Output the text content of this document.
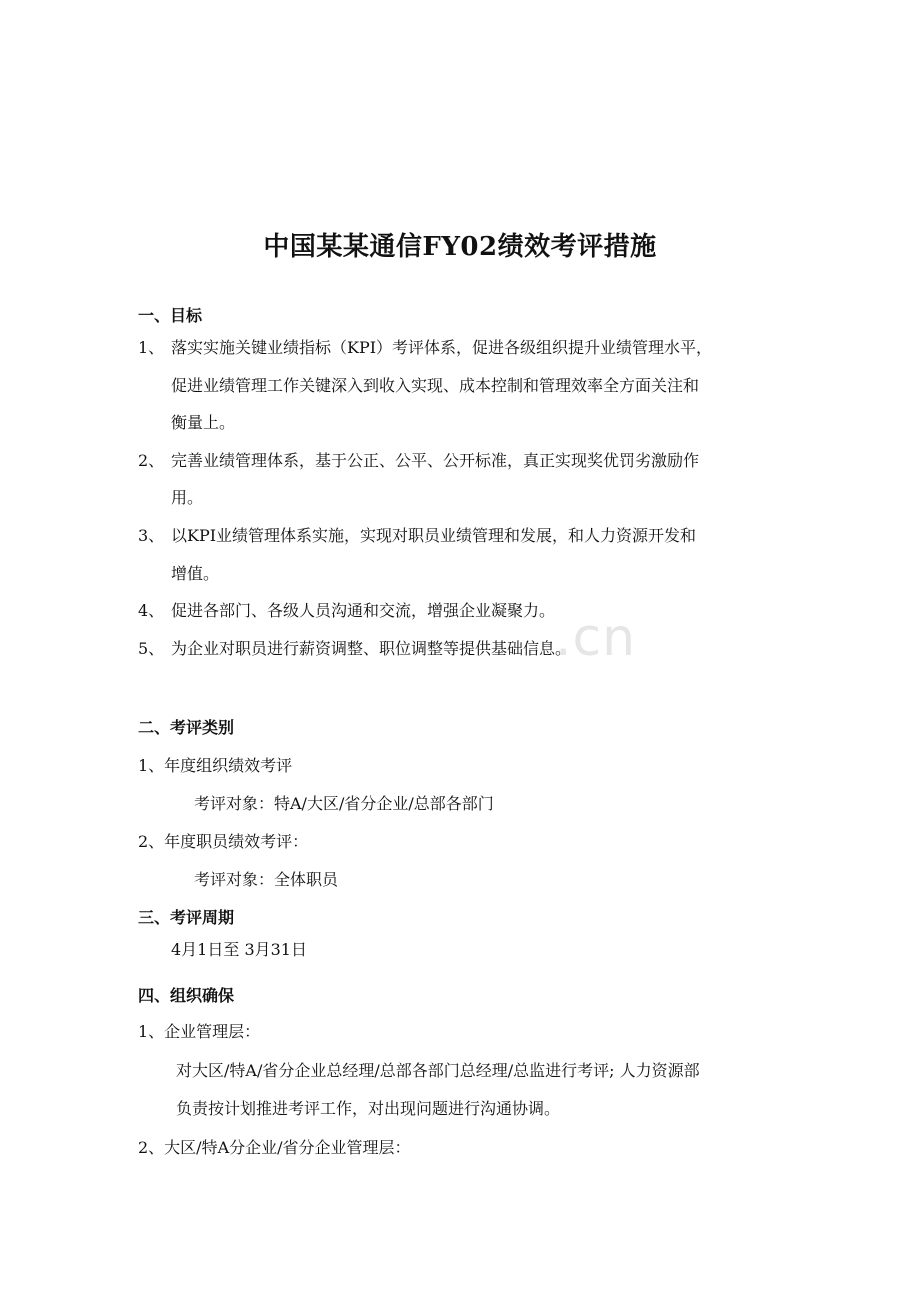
.cn
中国某某通信FY02绩效考评措施
一、目标
1、 落实实施关键业绩指标（KPI）考评体系，促进各级组织提升业绩管理水平，
促进业绩管理工作关键深入到收入实现、成本控制和管理效率全方面关注和
衡量上。
2、 完善业绩管理体系，基于公正、公平、公开标准，真正实现奖优罚劣激励作
用。
3、 以KPI业绩管理体系实施，实现对职员业绩管理和发展，和人力资源开发和
增值。
4、 促进各部门、各级人员沟通和交流，增强企业凝聚力。
5、 为企业对职员进行薪资调整、职位调整等提供基础信息。
二、考评类别
1、年度组织绩效考评
考评对象：特A/大区/省分企业/总部各部门
2、年度职员绩效考评：
考评对象：全体职员
三、考评周期
4月1日至 3月31日
四、组织确保
1、企业管理层：
对大区/特A/省分企业总经理/总部各部门总经理/总监进行考评; 人力资源部
负责按计划推进考评工作，对出现问题进行沟通协调。
2、大区/特A分企业/省分企业管理层：
